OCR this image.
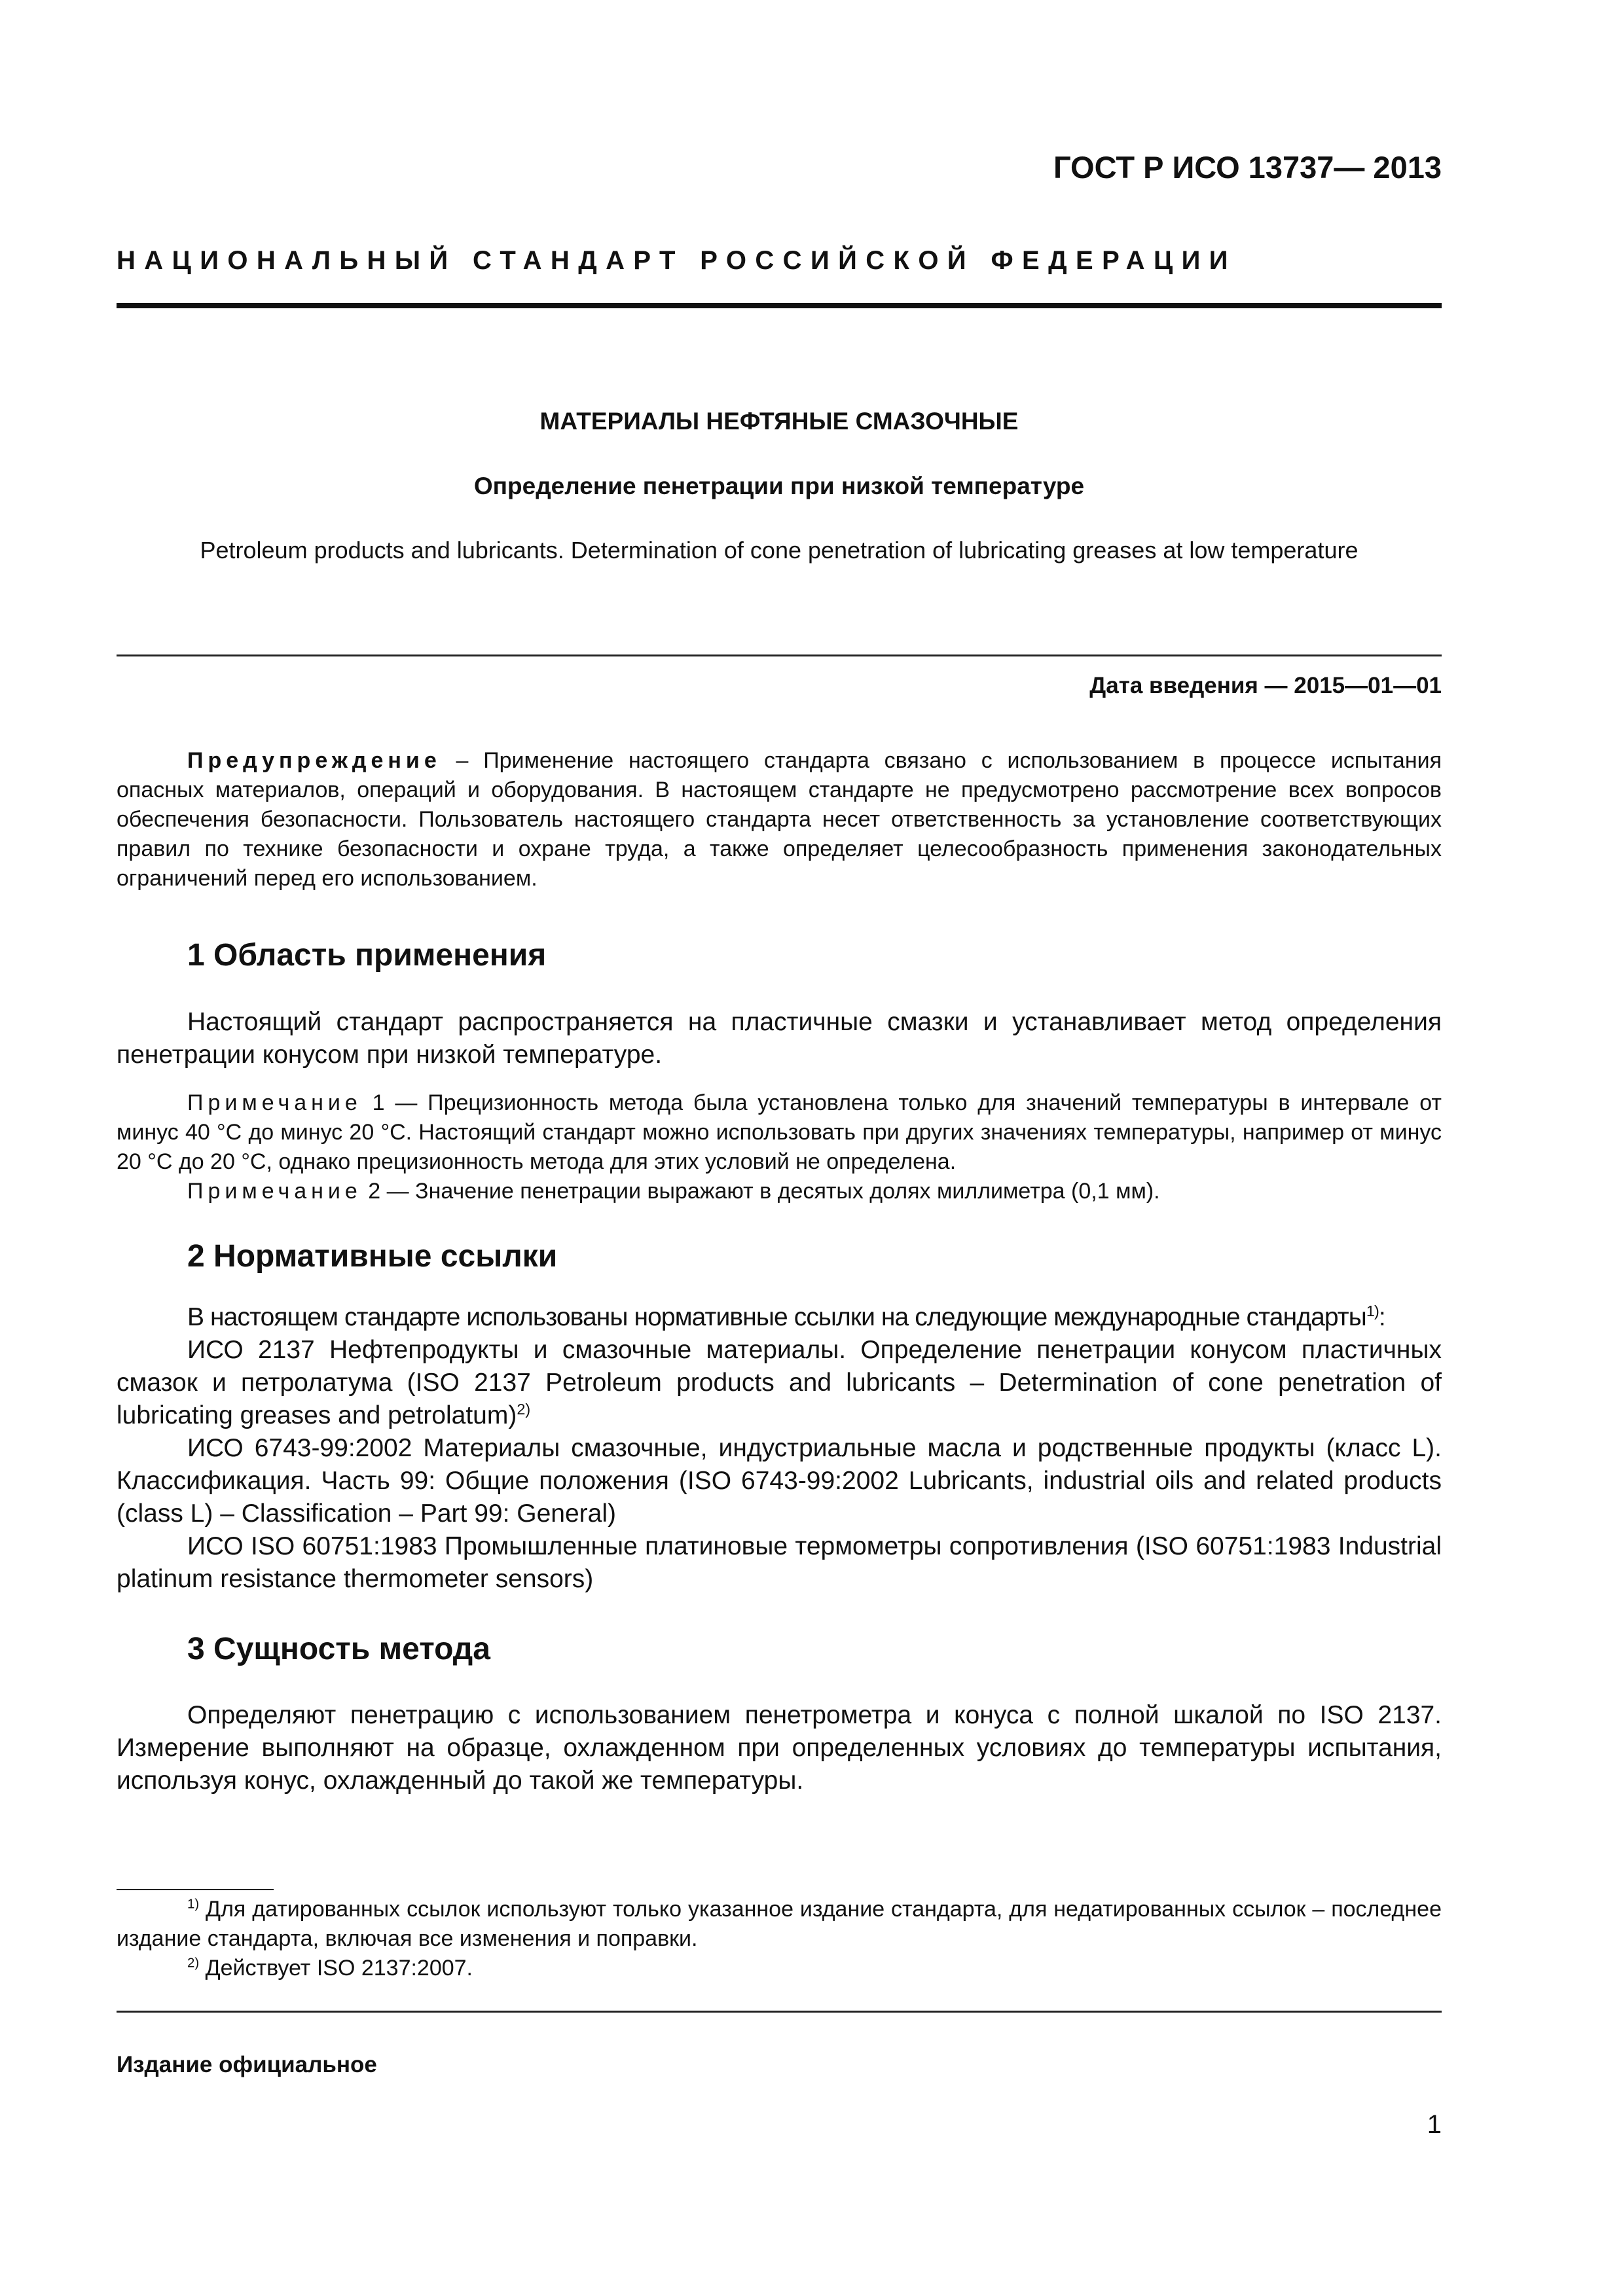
ГОСТ Р ИСО 13737— 2013
НАЦИОНАЛЬНЫЙ СТАНДАРТ РОССИЙСКОЙ ФЕДЕРАЦИИ
МАТЕРИАЛЫ НЕФТЯНЫЕ СМАЗОЧНЫЕ
Определение пенетрации при низкой температуре
Petroleum products and lubricants. Determination of cone penetration of lubricating greases at low temperature
Дата введения — 2015—01—01
Предупреждение – Применение настоящего стандарта связано с использованием в процессе испытания опасных материалов, операций и оборудования. В настоящем стандарте не предусмотрено рассмотрение всех вопросов обеспечения безопасности. Пользователь настоящего стандарта несет ответственность за установление соответствующих правил по технике безопасности и охране труда, а также определяет целесообразность применения законодательных ограничений перед его использованием.
1 Область применения
Настоящий стандарт распространяется на пластичные смазки и устанавливает метод определения пенетрации конусом при низкой температуре.
Примечание 1 — Прецизионность метода была установлена только для значений температуры в интервале от минус 40 °С до минус 20 °С. Настоящий стандарт можно использовать при других значениях температуры, например от минус 20 °С до 20 °С, однако прецизионность метода для этих условий не определена.
Примечание 2 — Значение пенетрации выражают в десятых долях миллиметра (0,1 мм).
2 Нормативные ссылки
В настоящем стандарте использованы нормативные ссылки на следующие международные стандарты$^{1)}$:
ИСО 2137 Нефтепродукты и смазочные материалы. Определение пенетрации конусом пластичных смазок и петролатума (ISO 2137 Petroleum products and lubricants – Determination of cone penetration of lubricating greases and petrolatum)$^{2)}$
ИСО 6743-99:2002 Материалы смазочные, индустриальные масла и родственные продукты (класс L). Классификация. Часть 99: Общие положения (ISO 6743-99:2002 Lubricants, industrial oils and related products (class L) – Classification – Part 99: General)
ИСО ISO 60751:1983 Промышленные платиновые термометры сопротивления (ISO 60751:1983 Industrial platinum resistance thermometer sensors)
3 Сущность метода
Определяют пенетрацию с использованием пенетрометра и конуса с полной шкалой по ISO 2137. Измерение выполняют на образце, охлажденном при определенных условиях до температуры испытания, используя конус, охлажденный до такой же температуры.
$^{1)}$ Для датированных ссылок используют только указанное издание стандарта, для недатированных ссылок – последнее издание стандарта, включая все изменения и поправки.
$^{2)}$ Действует ISO 2137:2007.
Издание официальное
1
